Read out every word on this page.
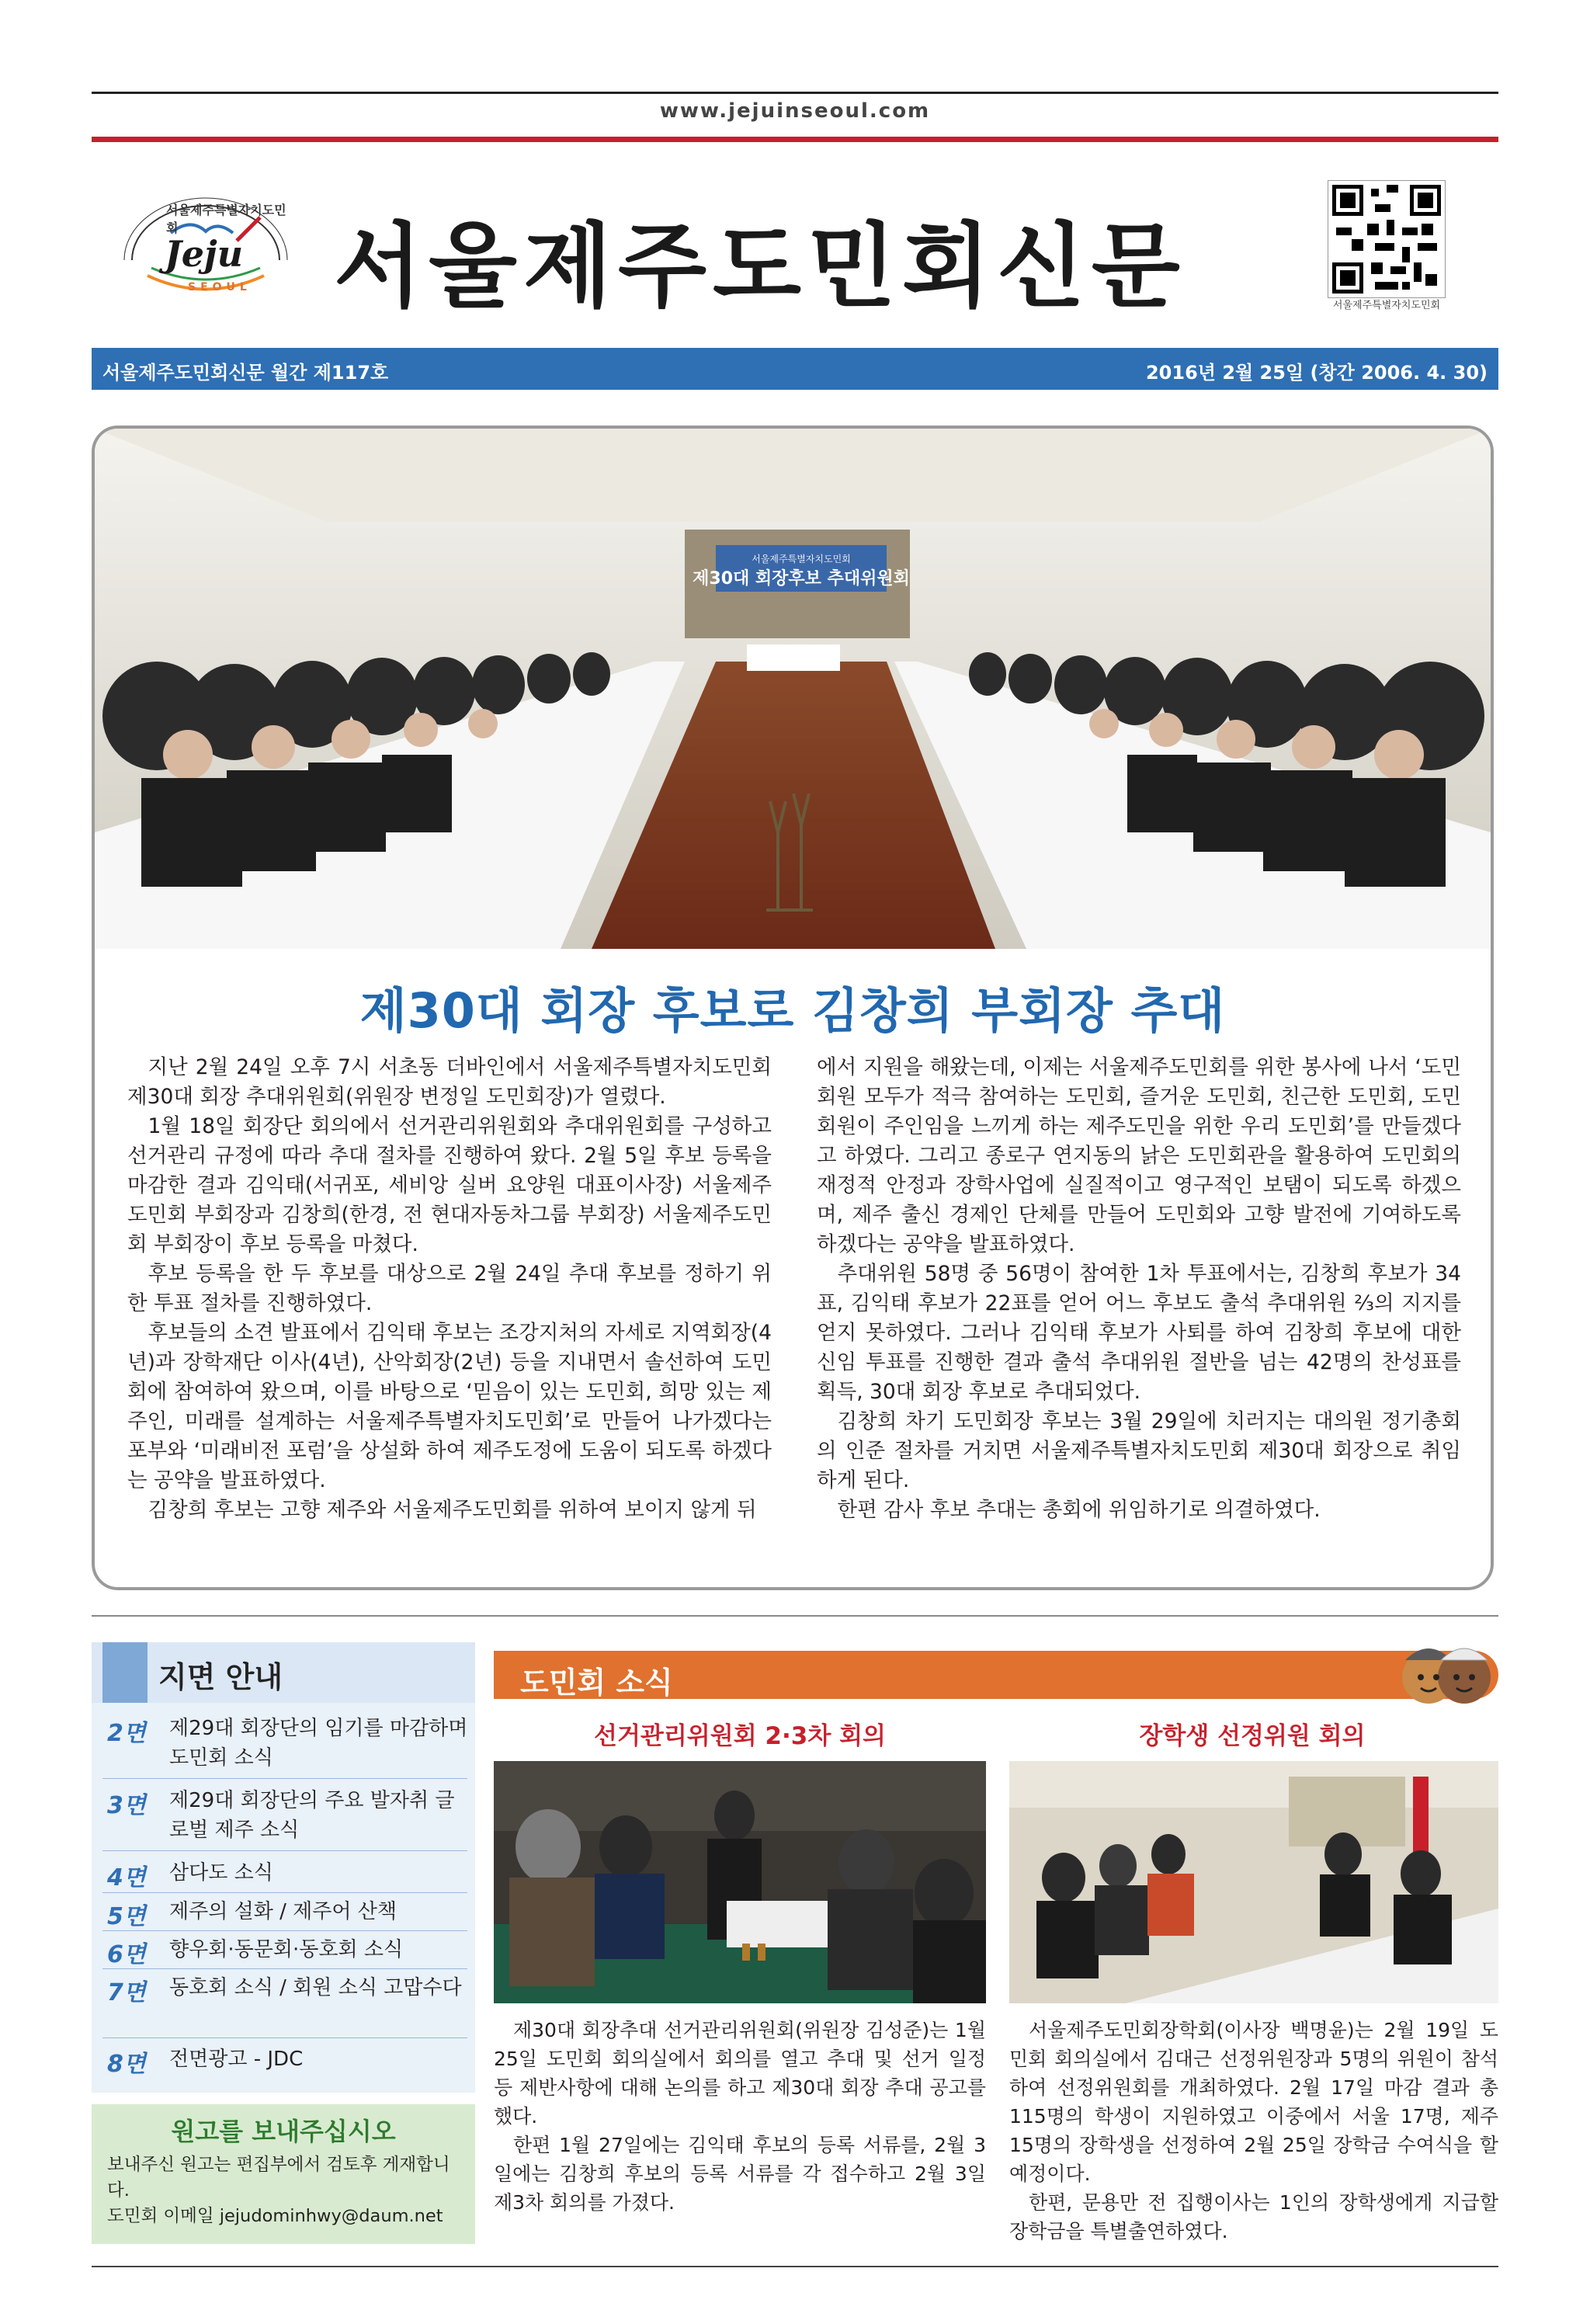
www.jejuinseoul.com
서울제주특별자치도민회
Jeju
SEOUL 서울제주도민회신문	서울제주특별자치도민회
서울제주도민회신문 월간 제117호	2016년 2월 25일 (창간 2006. 4. 30)
서울제주특별자치도민회
제30대 회장후보 추대위원회
제30대 회장 후보로 김창희 부회장 추대

지난 2월 24일 오후 7시 서초동 더바인에서 서울제주특별자치도민회 제30대 회장 추대위원회(위원장 변정일 도민회장)가 열렸다.

1월 18일 회장단 회의에서 선거관리위원회와 추대위원회를 구성하고 선거관리 규정에 따라 추대 절차를 진행하여 왔다. 2월 5일 후보 등록을 마감한 결과 김익태(서귀포, 세비앙 실버 요양원 대표이사장) 서울제주도민회 부회장과 김창희(한경, 전 현대자동차그룹 부회장) 서울제주도민회 부회장이 후보 등록을 마쳤다.

후보 등록을 한 두 후보를 대상으로 2월 24일 추대 후보를 정하기 위한 투표 절차를 진행하였다.

후보들의 소견 발표에서 김익태 후보는 조강지처의 자세로 지역회장(4년)과 장학재단 이사(4년), 산악회장(2년) 등을 지내면서 솔선하여 도민회에 참여하여 왔으며, 이를 바탕으로 ‘믿음이 있는 도민회, 희망 있는 제주인, 미래를 설계하는 서울제주특별자치도민회’로 만들어 나가겠다는 포부와 ‘미래비전 포럼’을 상설화 하여 제주도정에 도움이 되도록 하겠다는 공약을 발표하였다.

김창희 후보는 고향 제주와 서울제주도민회를 위하여 보이지 않게 뒤

에서 지원을 해왔는데, 이제는 서울제주도민회를 위한 봉사에 나서 ‘도민회원 모두가 적극 참여하는 도민회, 즐거운 도민회, 친근한 도민회, 도민회원이 주인임을 느끼게 하는 제주도민을 위한 우리 도민회’를 만들겠다고 하였다. 그리고 종로구 연지동의 낡은 도민회관을 활용하여 도민회의 재정적 안정과 장학사업에 실질적이고 영구적인 보탬이 되도록 하겠으며, 제주 출신 경제인 단체를 만들어 도민회와 고향 발전에 기여하도록 하겠다는 공약을 발표하였다.

추대위원 58명 중 56명이 참여한 1차 투표에서는, 김창희 후보가 34표, 김익태 후보가 22표를 얻어 어느 후보도 출석 추대위원 ⅔의 지지를 얻지 못하였다. 그러나 김익태 후보가 사퇴를 하여 김창희 후보에 대한 신임 투표를 진행한 결과 출석 추대위원 절반을 넘는 42명의 찬성표를 획득, 30대 회장 후보로 추대되었다.

김창희 차기 도민회장 후보는 3월 29일에 치러지는 대의원 정기총회의 인준 절차를 거치면 서울제주특별자치도민회 제30대 회장으로 취임하게 된다.

한편 감사 후보 추대는 총회에 위임하기로 의결하였다.

지면 안내
2면 제29대 회장단의 임기를 마감하며 도민회 소식
3면 제29대 회장단의 주요 발자취 글로벌 제주 소식
4면 삼다도 소식
5면 제주의 설화 / 제주어 산책
6면 향우회·동문회·동호회 소식
7면 동호회 소식 / 회원 소식 고맙수다
8면 전면광고 - JDC
원고를 보내주십시오
보내주신 원고는 편집부에서 검토후 게재합니다.
도민회 이메일 jejudominhwy@daum.net
도민회 소식
선거관리위원회 2·3차 회의	장학생 선정위원 회의

제30대 회장추대 선거관리위원회(위원장 김성준)는 1월 25일 도민회 회의실에서 회의를 열고 추대 및 선거 일정 등 제반사항에 대해 논의를 하고 제30대 회장 추대 공고를 했다.

한편 1월 27일에는 김익태 후보의 등록 서류를, 2월 3일에는 김창희 후보의 등록 서류를 각 접수하고 2월 3일 제3차 회의를 가졌다.

서울제주도민회장학회(이사장 백명윤)는 2월 19일 도민회 회의실에서 김대근 선정위원장과 5명의 위원이 참석하여 선정위원회를 개최하였다. 2월 17일 마감 결과 총 115명의 학생이 지원하였고 이중에서 서울 17명, 제주 15명의 장학생을 선정하여 2월 25일 장학금 수여식을 할 예정이다.

한편, 문용만 전 집행이사는 1인의 장학생에게 지급할 장학금을 특별출연하였다.
